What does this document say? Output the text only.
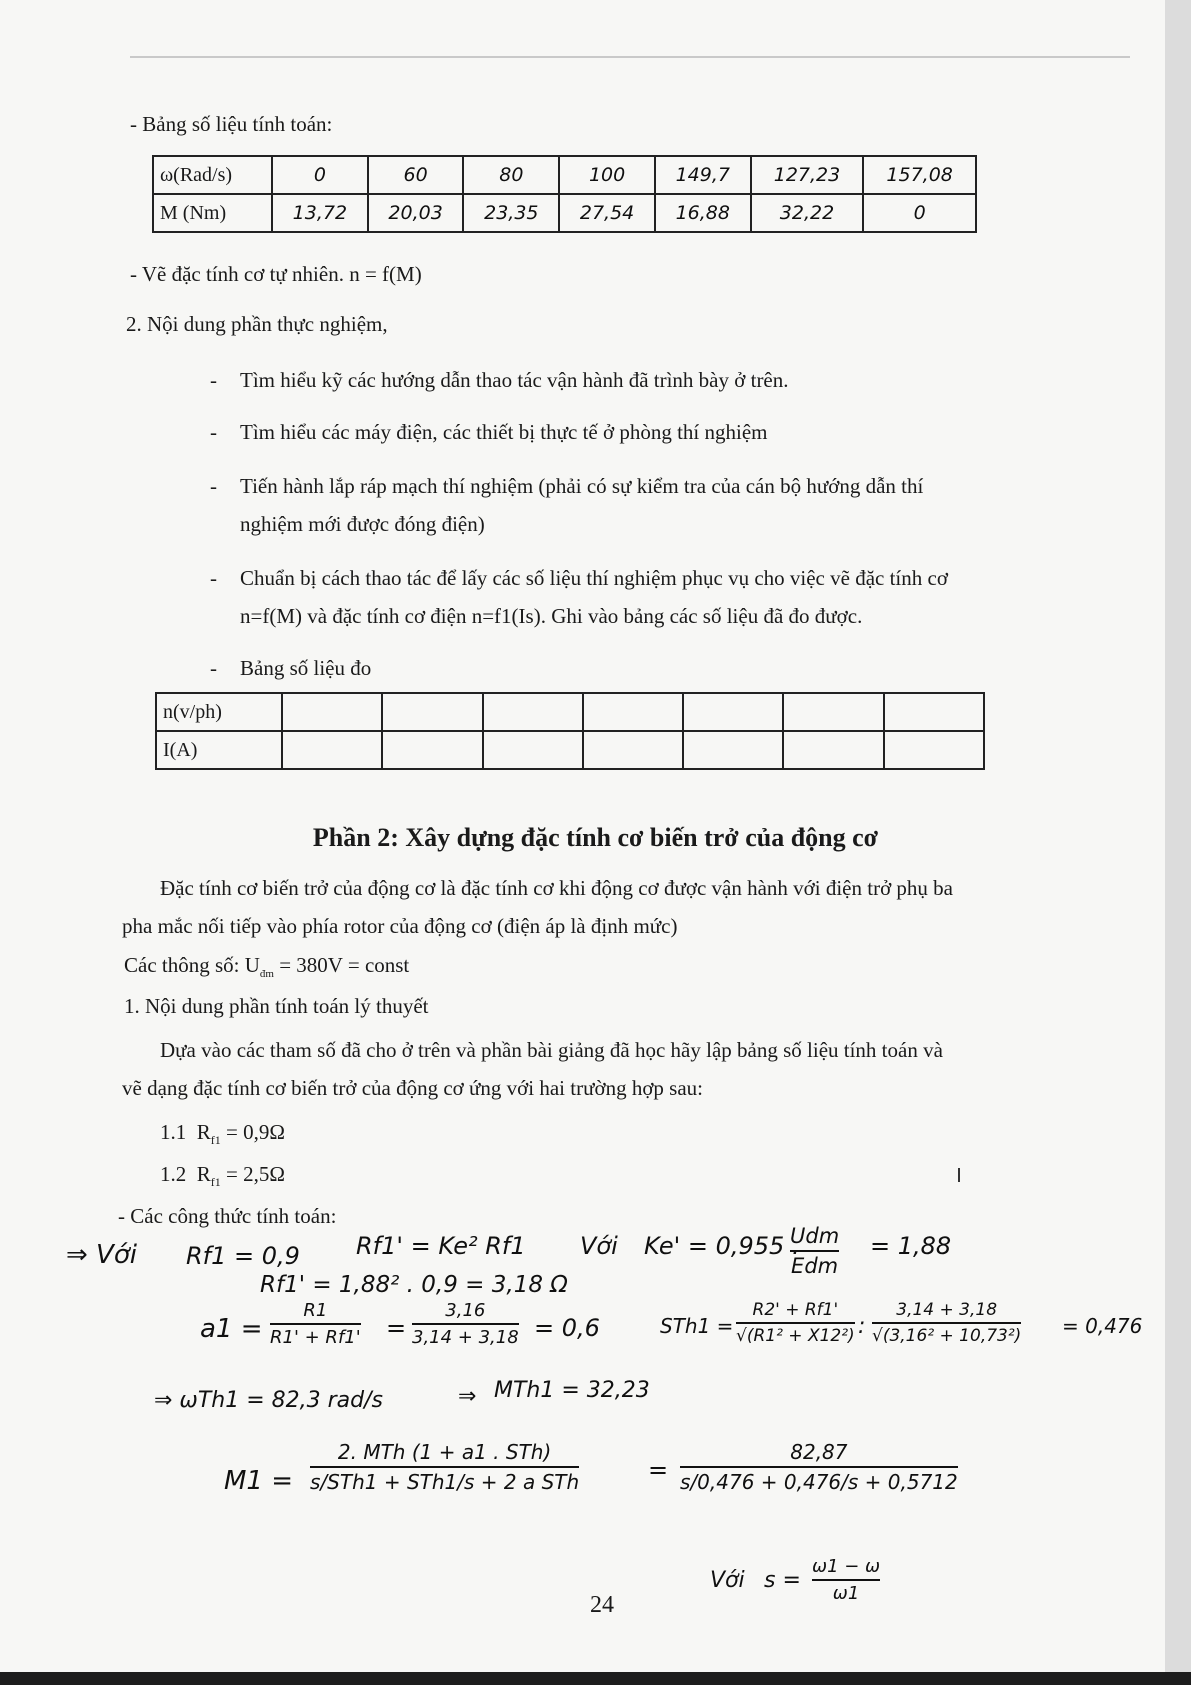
- Bảng số liệu tính toán:
ω(Rad/s)	0	60	80	100	149,7	127,23	157,08
M (Nm)	13,72	20,03	23,35	27,54	16,88	32,22	0
- Vẽ đặc tính cơ tự nhiên. n = f(M)
2. Nội dung phần thực nghiệm,
- Tìm hiểu kỹ các hướng dẫn thao tác vận hành đã trình bày ở trên.
- Tìm hiểu các máy điện, các thiết bị thực tế ở phòng thí nghiệm
- Tiến hành lắp ráp mạch thí nghiệm (phải có sự kiểm tra của cán bộ hướng dẫn thí
nghiệm mới được đóng điện)
- Chuẩn bị cách thao tác để lấy các số liệu thí nghiệm phục vụ cho việc vẽ đặc tính cơ
n=f(M) và đặc tính cơ điện n=f1(Is). Ghi vào bảng các số liệu đã đo được.
- Bảng số liệu đo
n(v/ph)							
I(A)							
Phần 2: Xây dựng đặc tính cơ biến trở của động cơ
Đặc tính cơ biến trở của động cơ là đặc tính cơ khi động cơ được vận hành với điện trở phụ ba
pha mắc nối tiếp vào phía rotor của động cơ (điện áp là định mức)
Các thông số: $U_{đm} = 380V$ = const
1. Nội dung phần tính toán lý thuyết
Dựa vào các tham số đã cho ở trên và phần bài giảng đã học hãy lập bảng số liệu tính toán và
vẽ dạng đặc tính cơ biến trở của động cơ ứng với hai trường hợp sau:
1.1 $R_{f1} = 0,9\Omega$
1.2 $R_{f1} = 2,5\Omega$
- Các công thức tính toán:
⇒ Với Rf1 = 0,9 Rf1' = Ke² Rf1 Với Ke' = 0,955 .
Udm
Edm
= 1,88
Rf1' = 1,88² . 0,9 = 3,18 Ω
a1 =
R1
R1' + Rf1' =
3,16
3,14 + 3,18 = 0,6	STh1 =
R2' + Rf1'
√(R1² + X12²) :
3,14 + 3,18
√(3,16² + 10,73²) = 0,476
⇒ ωTh1 = 82,3 rad/s	⇒ MTh1 = 32,23
M1 =
2. MTh (1 + a1 . STh)
s/STh1 + STh1/s + 2 a STh	=
82,87
s/0,476 + 0,476/s + 0,5712
Với s =
ω1 − ω
ω1
24
